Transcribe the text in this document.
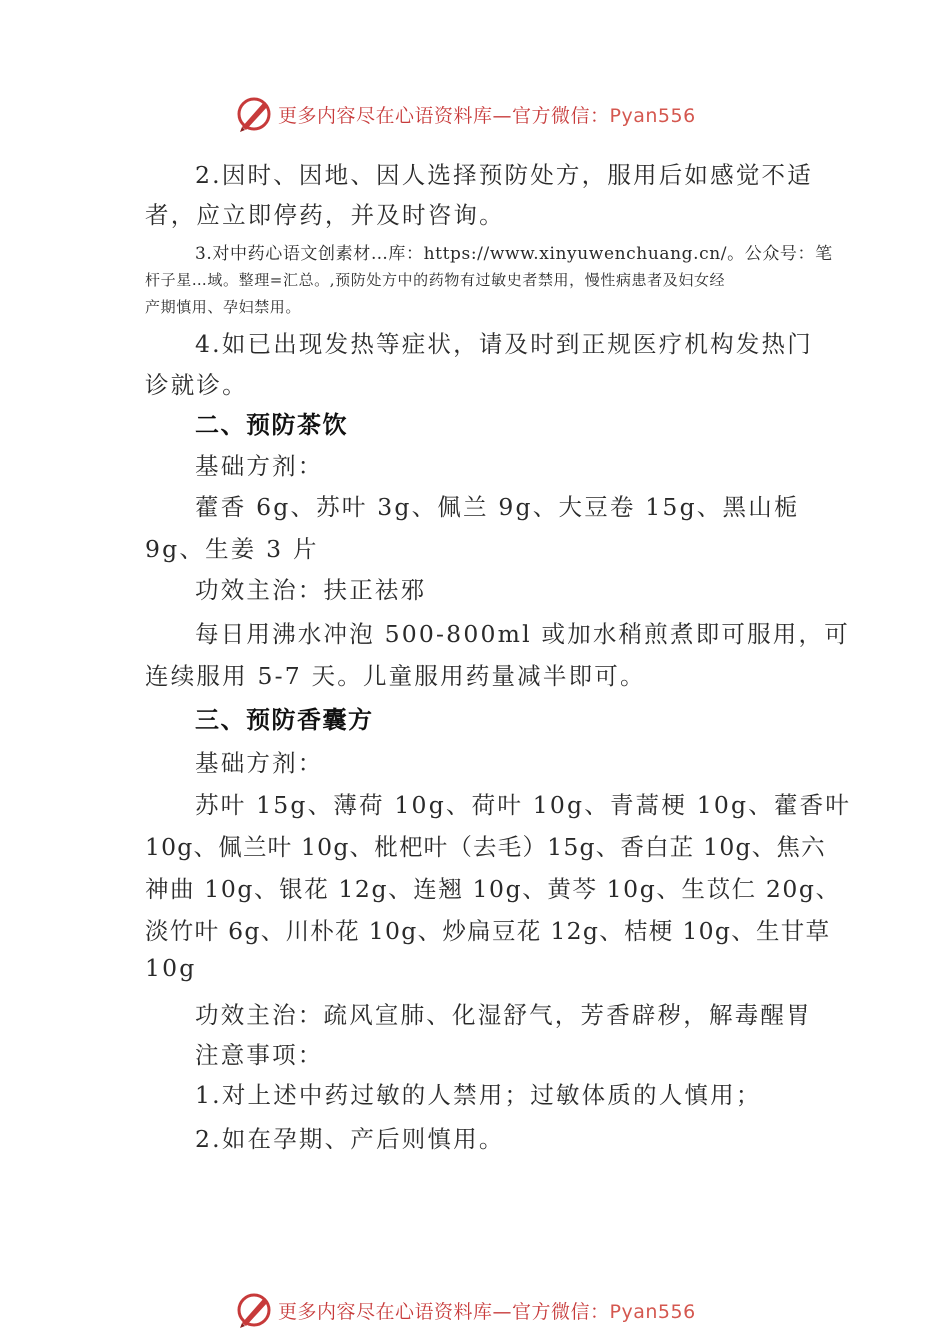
更多内容尽在心语资料库—官方微信：Pyan556
2.因时、因地、因人选择预防处方，服用后如感觉不适
者，应立即停药，并及时咨询。
3.对中药心语文创素材…库：https://www.xinyuwenchuang.cn/。公众号：笔
杆子星…域。整理=汇总。,预防处方中的药物有过敏史者禁用，慢性病患者及妇女经
产期慎用、孕妇禁用。
4.如已出现发热等症状，请及时到正规医疗机构发热门
诊就诊。
二、预防茶饮
基础方剂：
藿香 6g、苏叶 3g、佩兰 9g、大豆卷 15g、黑山栀
9g、生姜 3 片
功效主治：扶正祛邪
每日用沸水冲泡 500-800ml 或加水稍煎煮即可服用，可
连续服用 5-7 天。儿童服用药量减半即可。
三、预防香囊方
基础方剂：
苏叶 15g、薄荷 10g、荷叶 10g、青蒿梗 10g、藿香叶
10g、佩兰叶 10g、枇杷叶（去毛）15g、香白芷 10g、焦六
神曲 10g、银花 12g、连翘 10g、黄芩 10g、生苡仁 20g、
淡竹叶 6g、川朴花 10g、炒扁豆花 12g、桔梗 10g、生甘草
10g
功效主治：疏风宣肺、化湿舒气，芳香辟秽，解毒醒胃
注意事项：
1.对上述中药过敏的人禁用；过敏体质的人慎用；
2.如在孕期、产后则慎用。
更多内容尽在心语资料库—官方微信：Pyan556
